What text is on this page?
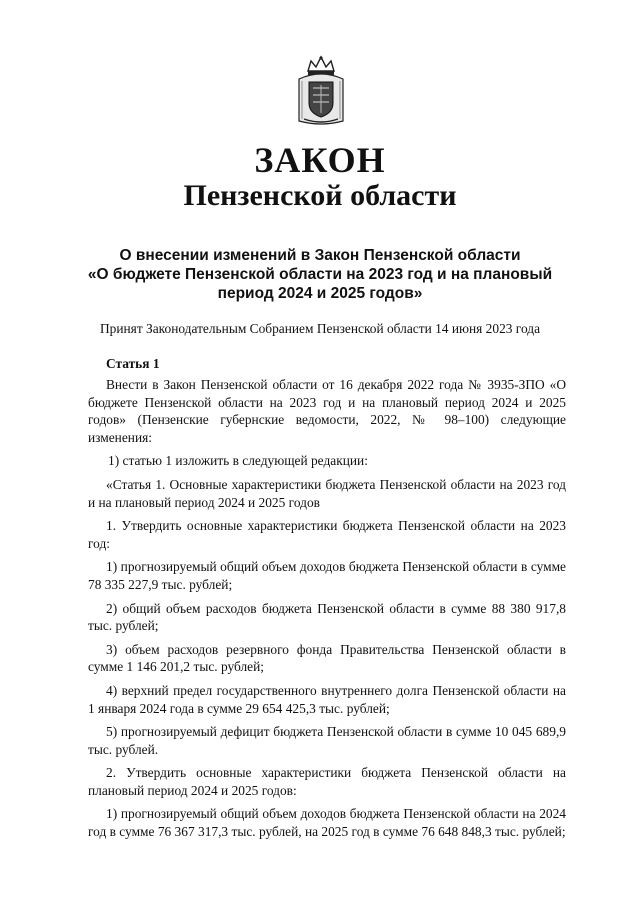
ЗАКОН
Пензенской области
О внесении изменений в Закон Пензенской области
«О бюджете Пензенской области на 2023 год и на плановый
период 2024 и 2025 годов»
Принят Законодательным Собранием Пензенской области 14 июня 2023 года
Статья 1

Внести в Закон Пензенской области от 16 декабря 2022 года № 3935-ЗПО «О бюджете Пензенской области на 2023 год и на плановый период 2024 и 2025 годов» (Пензенские губернские ведомости, 2022, № 98–100) следующие изменения:

1) статью 1 изложить в следующей редакции:

«Статья 1. Основные характеристики бюджета Пензенской области на 2023 год и на плановый период 2024 и 2025 годов

1. Утвердить основные характеристики бюджета Пензенской области на 2023 год:

1) прогнозируемый общий объем доходов бюджета Пензенской области в сумме 78 335 227,9 тыс. рублей;

2) общий объем расходов бюджета Пензенской области в сумме 88 380 917,8 тыс. рублей;

3) объем расходов резервного фонда Правительства Пензенской области в сумме 1 146 201,2 тыс. рублей;

4) верхний предел государственного внутреннего долга Пензенской области на 1 января 2024 года в сумме 29 654 425,3 тыс. рублей;

5) прогнозируемый дефицит бюджета Пензенской области в сумме 10 045 689,9 тыс. рублей.

2. Утвердить основные характеристики бюджета Пензенской области на плановый период 2024 и 2025 годов:

1) прогнозируемый общий объем доходов бюджета Пензенской области на 2024 год в сумме 76 367 317,3 тыс. рублей, на 2025 год в сумме 76 648 848,3 тыс. рублей;
